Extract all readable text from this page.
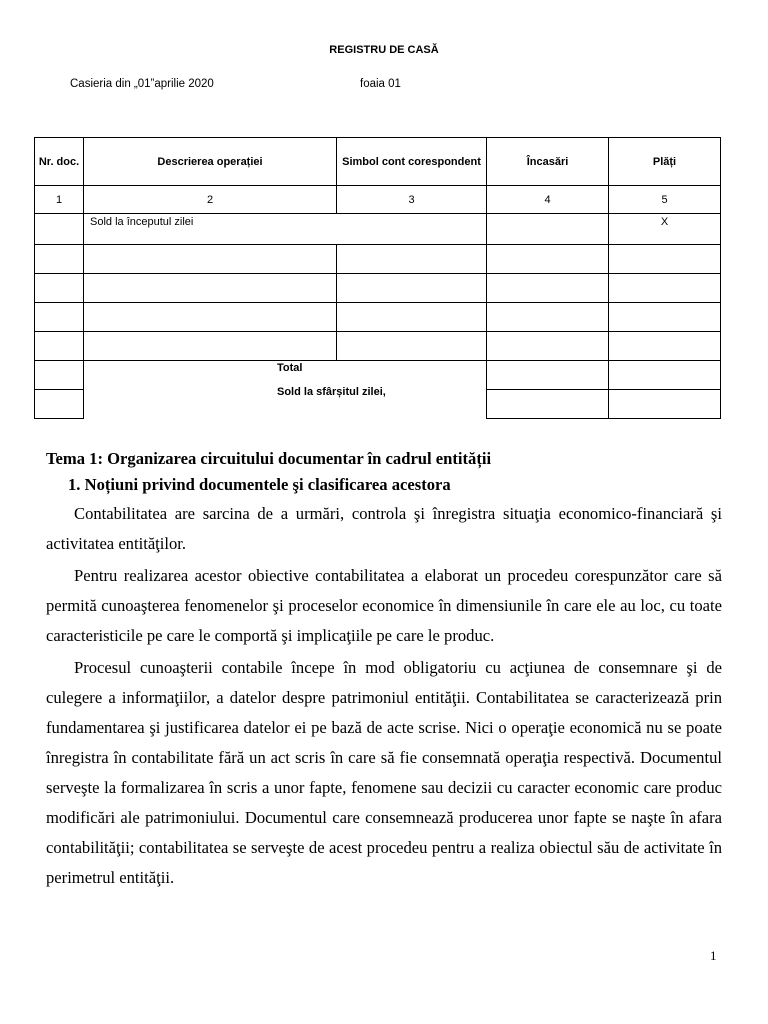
REGISTRU DE CASĂ
Casieria din „01”aprilie 2020	foaia 01
Nr. doc.	Descrierea operației	Simbol cont corespondent	Încasări	Plăți
1	2	3	4	5
	Sold la începutul zilei			X

	Total
Sold la sfârșitul zilei,			

Tema 1: Organizarea circuitului documentar în cadrul entității

1. Noțiuni privind documentele şi clasificarea acestora

Contabilitatea are sarcina de a urmări, controla şi înregistra situaţia economico-financiară şi activitatea entităţilor.

Pentru realizarea acestor obiective contabilitatea a elaborat un procedeu corespunzător care să permită cunoaşterea fenomenelor şi proceselor economice în dimensiunile în care ele au loc, cu toate caracteristicile pe care le comportă şi implicaţiile pe care le produc.

Procesul cunoaşterii contabile începe în mod obligatoriu cu acţiunea de consemnare şi de culegere a informaţiilor, a datelor despre patrimoniul entităţii. Contabilitatea se caracterizează prin fundamentarea şi justificarea datelor ei pe bază de acte scrise. Nici o operaţie economică nu se poate înregistra în contabilitate fără un act scris în care să fie consemnată operaţia respectivă. Documentul serveşte la formalizarea în scris a unor fapte, fenomene sau decizii cu caracter economic care produc modificări ale patrimoniului. Documentul care consemnează producerea unor fapte se naşte în afara contabilităţii; contabilitatea se serveşte de acest procedeu pentru a realiza obiectul său de activitate în perimetrul entităţii.

1
